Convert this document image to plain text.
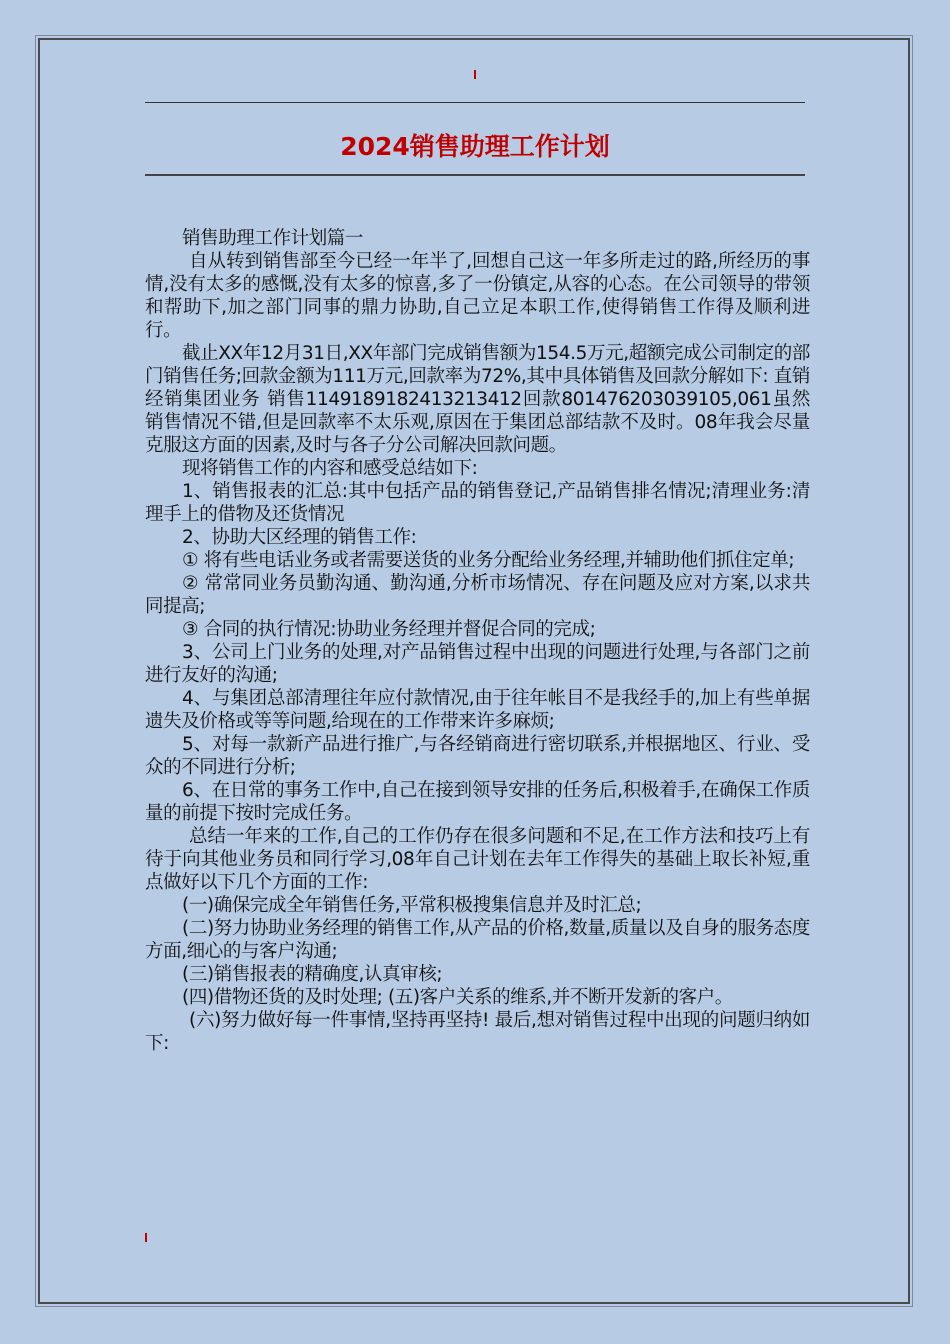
2024销售助理工作计划

销售助理工作计划篇一

自从转到销售部至今已经一年半了,回想自己这一年多所走过的路,所经历的事情,没有太多的感慨,没有太多的惊喜,多了一份镇定,从容的心态。在公司领导的带领和帮助下,加之部门同事的鼎力协助,自己立足本职工作,使得销售工作得及顺利进行。

截止XX年12月31日,XX年部门完成销售额为154.5万元,超额完成公司制定的部门销售任务;回款金额为111万元,回款率为72%,其中具体销售及回款分解如下: 直销经销集团业务 销售114918918241321​3412回款801476203039105,061虽然销售情况不错,但是回款率不太乐观,原因在于集团总部结款不及时。08年我会尽量克服这方面的因素,及时与各子分公司解决回款问题。

现将销售工作的内容和感受总结如下:

1、销售报表的汇总:其中包括产品的销售登记,产品销售排名情况;清理业务:清理手上的借物及还货情况

2、协助大区经理的销售工作:

① 将有些电话业务或者需要送货的业务分配给业务经理,并辅助他们抓住定单;

② 常常同业务员勤沟通、勤沟通,分析市场情况、存在问题及应对方案,以求共同提高;

③ 合同的执行情况:协助业务经理并督促合同的完成;

3、公司上门业务的处理,对产品销售过程中出现的问题进行处理,与各部门之前进行友好的沟通;

4、与集团总部清理往年应付款情况,由于往年帐目不是我经手的,加上有些单据遗失及价格或等等问题,给现在的工作带来许多麻烦;

5、对每一款新产品进行推广,与各经销商进行密切联系,并根据地区、行业、受众的不同进行分析;

6、在日常的事务工作中,自己在接到领导安排的任务后,积极着手,在确保工作质量的前提下按时完成任务。

总结一年来的工作,自己的工作仍存在很多问题和不足,在工作方法和技巧上有待于向其他业务员和同行学习,08年自己计划在去年工作得失的基础上取长补短,重点做好以下几个方面的工作:

(一)确保完成全年销售任务,平常积极搜集信息并及时汇总;

(二)努力协助业务经理的销售工作,从产品的价格,数量,质量以及自身的服务态度方面,细心的与客户沟通;

(三)销售报表的精确度,认真审核;

(四)借物还货的及时处理; (五)客户关系的维系,并不断开发新的客户。

(六)努力做好每一件事情,坚持再坚持! 最后,想对销售过程中出现的问题归纳如下:
